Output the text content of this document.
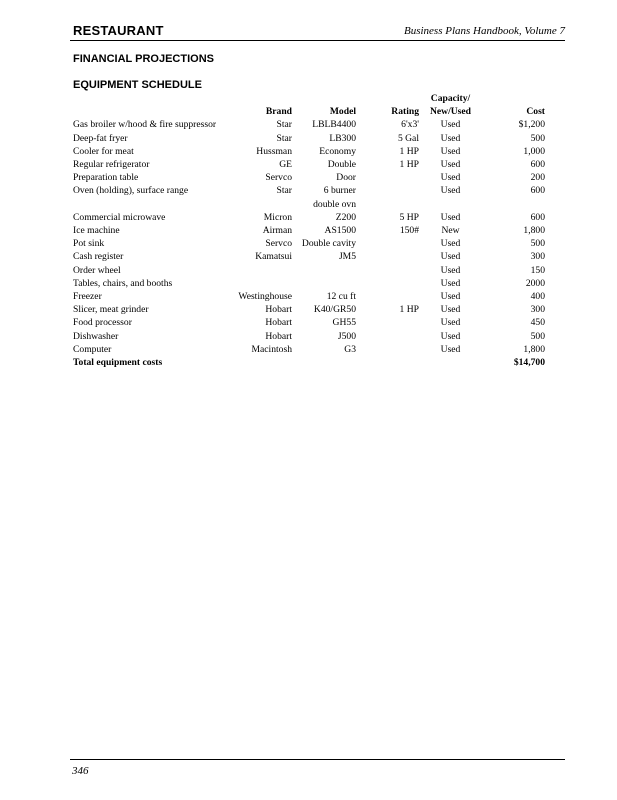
RESTAURANT	Business Plans Handbook, Volume 7
FINANCIAL PROJECTIONS
EQUIPMENT SCHEDULE
				Capacity/	
	Brand	Model	Rating	New/Used	Cost
Gas broiler w/hood & fire suppressor	Star	LBLB4400	6'x3'	Used	$1,200
Deep-fat fryer	Star	LB300	5 Gal	Used	500
Cooler for meat	Hussman	Economy	1 HP	Used	1,000
Regular refrigerator	GE	Double	1 HP	Used	600
Preparation table	Servco	Door		Used	200
Oven (holding), surface range	Star	6 burner		Used	600
		double ovn			
Commercial microwave	Micron	Z200	5 HP	Used	600
Ice machine	Airman	AS1500	150#	New	1,800
Pot sink	Servco	Double cavity		Used	500
Cash register	Kamatsui	JM5		Used	300
Order wheel				Used	150
Tables, chairs, and booths				Used	2000
Freezer	Westinghouse	12 cu ft		Used	400
Slicer, meat grinder	Hobart	K40/GR50	1 HP	Used	300
Food processor	Hobart	GH55		Used	450
Dishwasher	Hobart	J500		Used	500
Computer	Macintosh	G3		Used	1,800
Total equipment costs					$14,700
346
